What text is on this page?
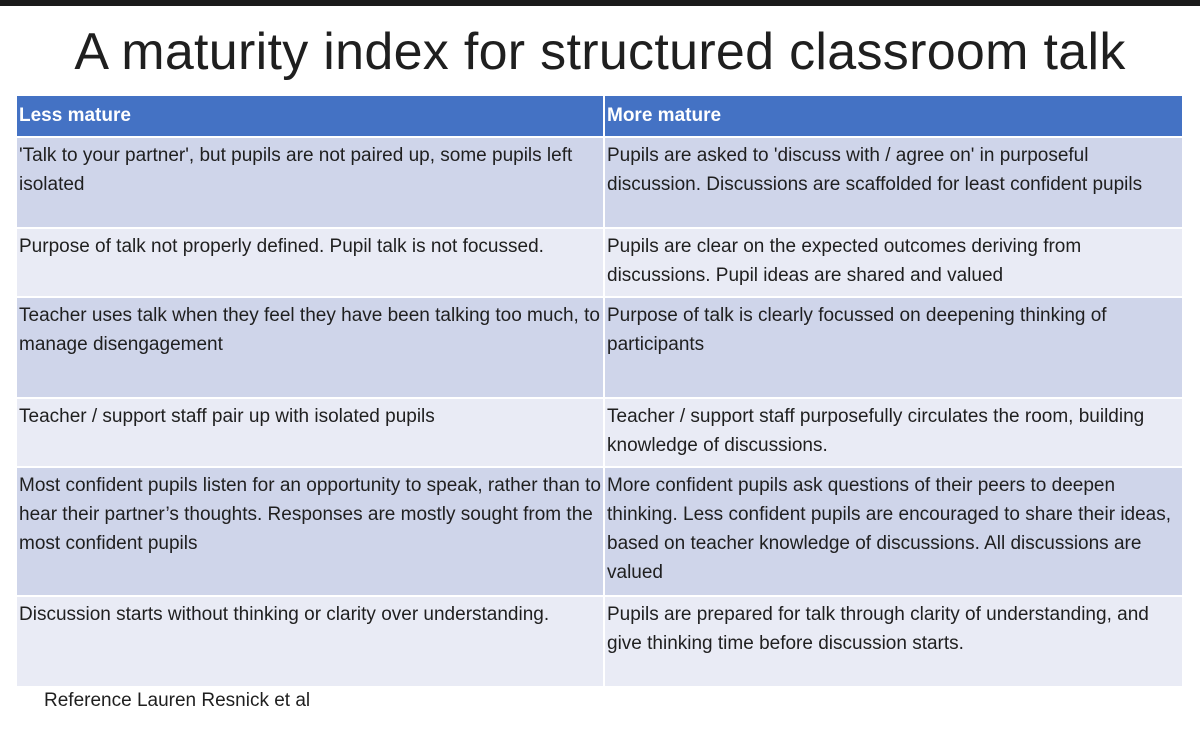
A maturity index for structured classroom talk
Less mature	More mature
'Talk to your partner', but pupils are not paired up, some pupils left isolated	Pupils are asked to 'discuss with / agree on' in purposeful discussion. Discussions are scaffolded for least confident pupils
Purpose of talk not properly defined. Pupil talk is not focussed.	Pupils are clear on the expected outcomes deriving from discussions. Pupil ideas are shared and valued
Teacher uses talk when they feel they have been talking too much, to manage disengagement	Purpose of talk is clearly focussed on deepening thinking of participants
Teacher / support staff pair up with isolated pupils	Teacher / support staff purposefully circulates the room, building knowledge of discussions.
Most confident pupils listen for an opportunity to speak, rather than to hear their partner’s thoughts. Responses are mostly sought from the most confident pupils	More confident pupils ask questions of their peers to deepen thinking. Less confident pupils are encouraged to share their ideas, based on teacher knowledge of discussions. All discussions are valued
Discussion starts without thinking or clarity over understanding.	Pupils are prepared for talk through clarity of understanding, and give thinking time before discussion starts.
Reference Lauren Resnick et al
